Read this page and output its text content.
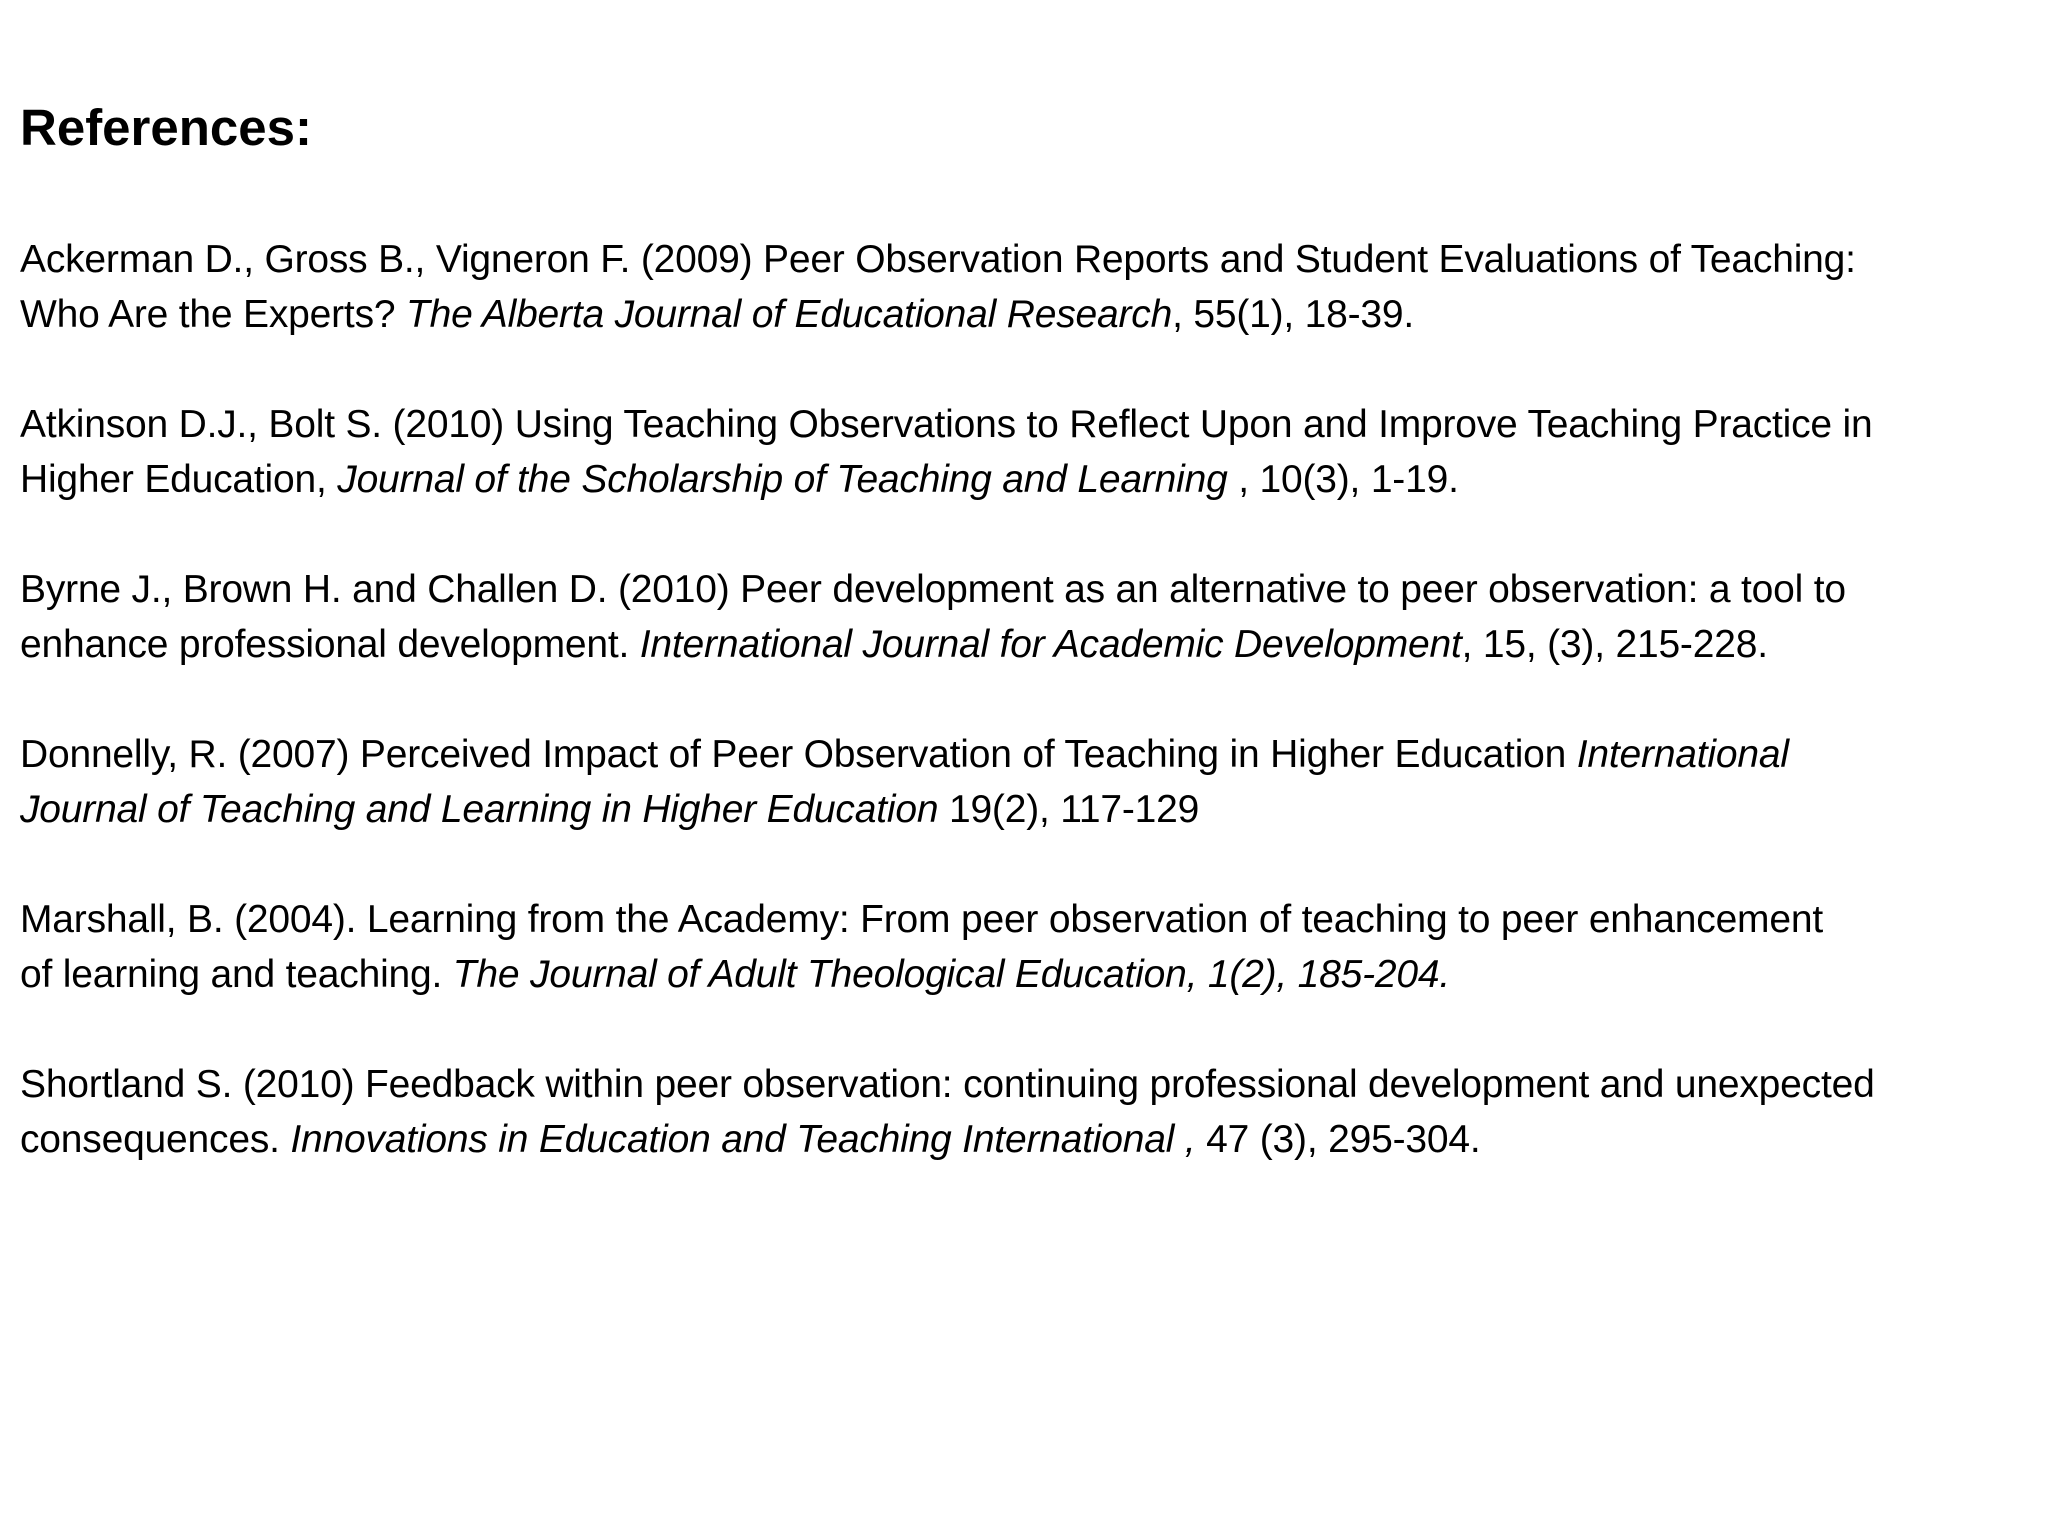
References:
Ackerman D., Gross B., Vigneron F. (2009) Peer Observation Reports and Student Evaluations of Teaching:
Who Are the Experts? The Alberta Journal of Educational Research, 55(1), 18-39.
Atkinson D.J., Bolt S. (2010) Using Teaching Observations to Reflect Upon and Improve Teaching Practice in
Higher Education, Journal of the Scholarship of Teaching and Learning , 10(3), 1-19.
Byrne J., Brown H. and Challen D. (2010) Peer development as an alternative to peer observation: a tool to
enhance professional development. International Journal for Academic Development, 15, (3), 215-228.
Donnelly, R. (2007) Perceived Impact of Peer Observation of Teaching in Higher Education International
Journal of Teaching and Learning in Higher Education 19(2), 117-129
Marshall, B. (2004). Learning from the Academy: From peer observation of teaching to peer enhancement
of learning and teaching. The Journal of Adult Theological Education, 1(2), 185-204.
Shortland S. (2010) Feedback within peer observation: continuing professional development and unexpected
consequences. Innovations in Education and Teaching International , 47 (3), 295-304.
